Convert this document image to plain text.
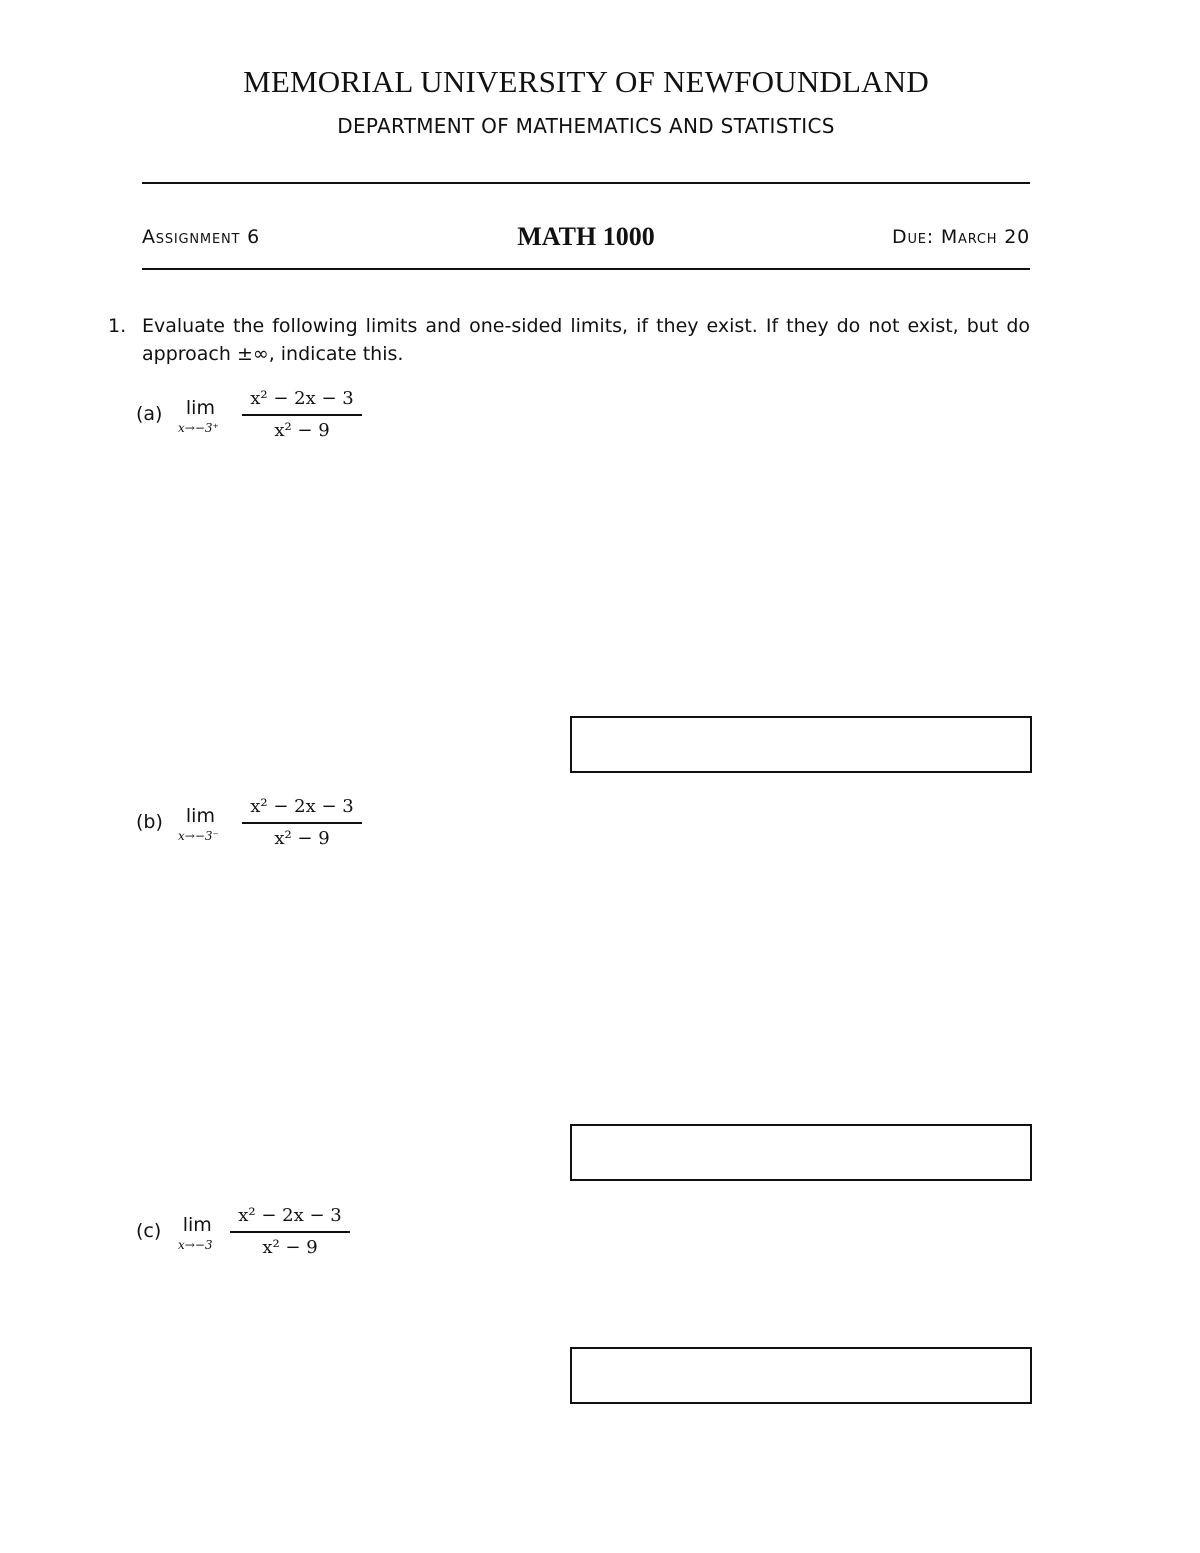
MEMORIAL UNIVERSITY OF NEWFOUNDLAND
DEPARTMENT OF MATHEMATICS AND STATISTICS
Assignment 6	MATH 1000	Due: March 20
1. Evaluate the following limits and one-sided limits, if they exist. If they do not exist, but do approach ±∞, indicate this.
(a)	lim
x→−3⁺
x² − 2x − 3
x² − 9
(b)	lim
x→−3⁻
x² − 2x − 3
x² − 9
(c) lim
x→−3
x² − 2x − 3
x² − 9
